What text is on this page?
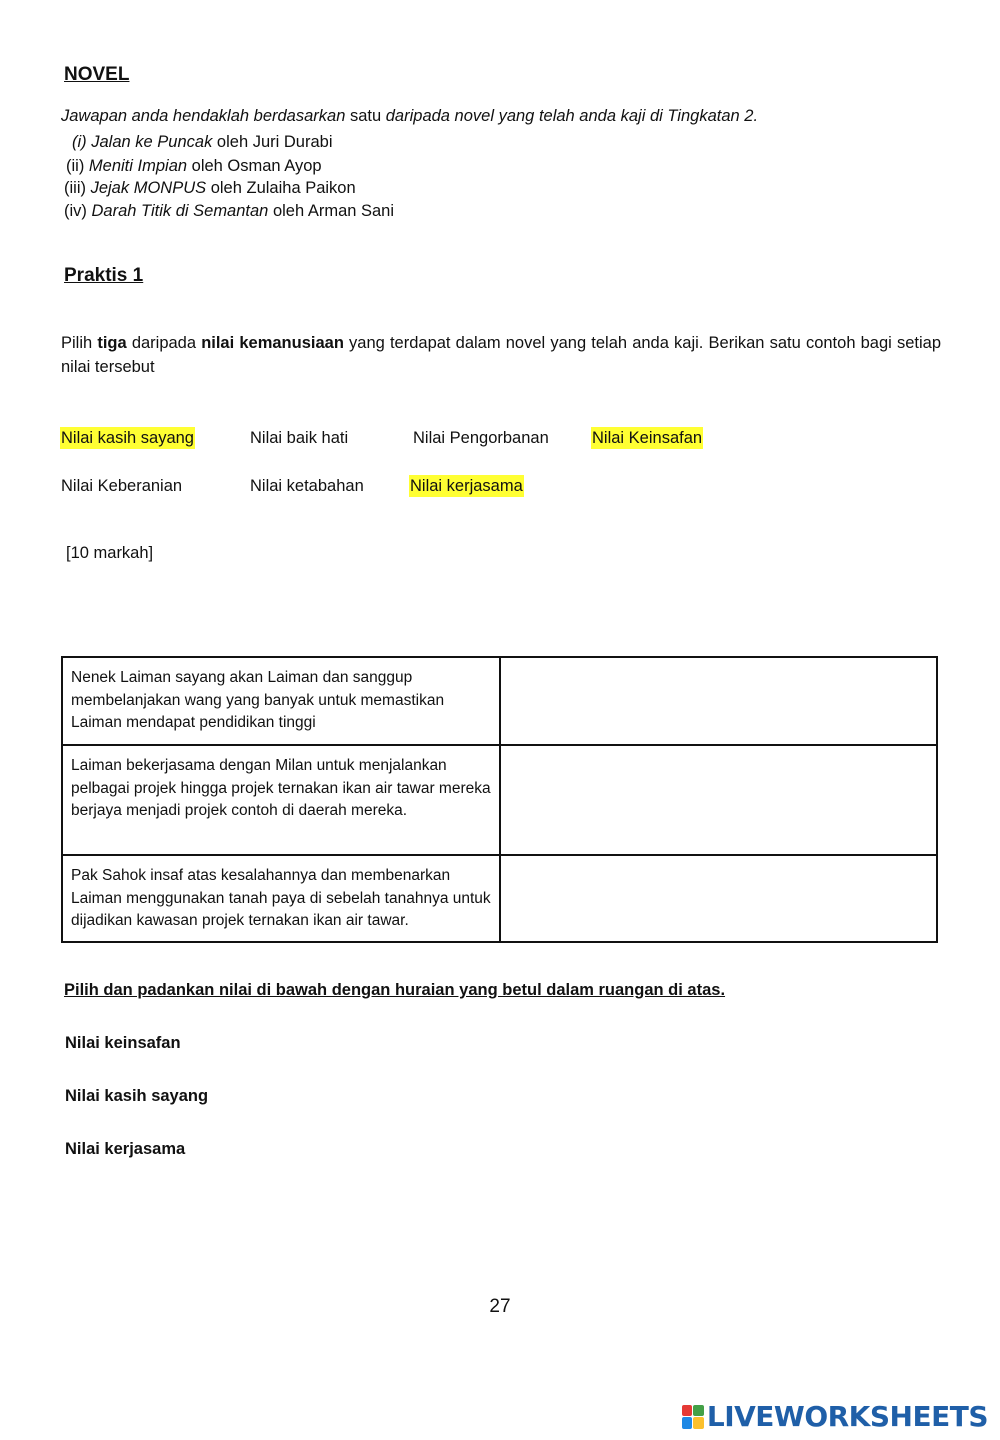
NOVEL
Jawapan anda hendaklah berdasarkan satu daripada novel yang telah anda kaji di Tingkatan 2.
(i) Jalan ke Puncak oleh Juri Durabi
(ii) Meniti Impian oleh Osman Ayop
(iii) Jejak MONPUS oleh Zulaiha Paikon
(iv) Darah Titik di Semantan oleh Arman Sani
Praktis 1
Pilih tiga daripada nilai kemanusiaan yang terdapat dalam novel yang telah anda kaji. Berikan satu contoh bagi setiap nilai tersebut
Nilai kasih sayang	Nilai baik hati	Nilai Pengorbanan	Nilai Keinsafan
Nilai Keberanian	Nilai ketabahan	Nilai kerjasama
[10 markah]
Nenek Laiman sayang akan Laiman dan sanggup membelanjakan wang yang banyak untuk memastikan Laiman mendapat pendidikan tinggi	
Laiman bekerjasama dengan Milan untuk menjalankan pelbagai projek hingga projek ternakan ikan air tawar mereka berjaya menjadi projek contoh di daerah mereka.	
Pak Sahok insaf atas kesalahannya dan membenarkan Laiman menggunakan tanah paya di sebelah tanahnya untuk dijadikan kawasan projek ternakan ikan air tawar.	
Pilih dan padankan nilai di bawah dengan huraian yang betul dalam ruangan di atas.
Nilai keinsafan
Nilai kasih sayang
Nilai kerjasama
27
LIVEWORKSHEETS
